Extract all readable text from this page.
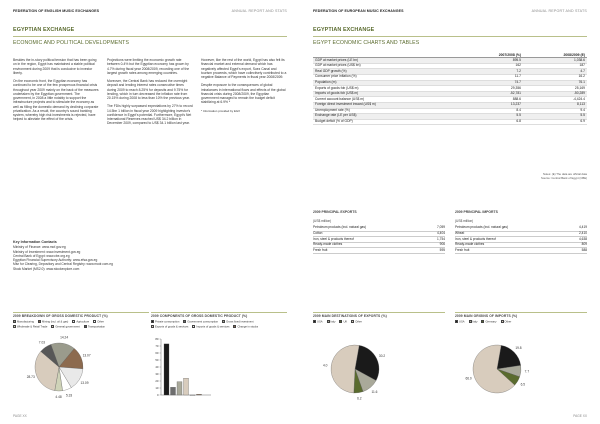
FEDERATION OF ENGLISH MUSIC EXCHANGES	ANNUAL REPORT AND STATS
EGYPTIAN EXCHANGE
ECONOMIC AND POLITICAL DEVELOPMENTS

Besides the in-story political tension that has been going on in the region, Egypt has maintained a stable political environment during 2009 that is conducive to investor liberty.

On the economic front, the Egyptian economy has continued to be one of the few prosperous financial crisis throughout year 2009 mainly on the back of the measures undertaken by the Egyptian government. The government, in 2008 a little notably to support the infrastructure projects and to stimulate the economy as well as filling the domestic demand by declining corporate privatization. As a result, the country's sound banking system, whereby high risk investments is rejected, have helped to alleviate the effect of the crisis.

Projections were limiting the economic growth rate between 0-4% but the Egyptian economy has grown by 4.7% during fiscal year 2008/2009, recording one of the largest growth rates among emerging countries.

Moreover, the Central Bank has reduced the overnight deposit and lending interest rates consecutive times during 2009 to reach 8.25% for deposits and 9.75% for lending, which in turn decreased the inflation rate from 20.15% during 2008 to less than 10% the previous year.

The FDIs highly surpassed expectations by 27% to record 14.5bn 1 billion in fiscal year 2009 highlighting investor's confidence in Egypt's potential. Furthermore, Egypt's Net International Reserves reached US$ 34.2 billion in December 2009, compared to US$ 34.1 billion last year.

However, like the rest of the world, Egypt has also felt its financial market and external demand which has negatively affected Egypt's export, Suez Canal and tourism proceeds, which have collectively contributed to a negative Balance of Payments in fiscal year 2008/2009.

Despite exposure to the consequences of global imbalances in international flows and effects of the global financial crisis during 2008/2009, the Egyptian government managed to remain the budget deficit stabilizing at 6.9% *

* Information provided by EGX

Key Information Contacts
Ministry of Finance: www.mof.gov.eg
Ministry of Investment: www.investment.gov.eg
Central Bank of Egypt: www.cbe.org.eg
Egyptian Financial Supervisory Authority: www.efsa.gov.eg
Misr for Clearing, Depository and Central Registry: www.mcdr.com.eg
Stock Market (MS2.0): www.stockexplore.com
2009 BREAKDOWN OF GROSS DOMESTIC PRODUCT (%)
Manufacturing	Mining (incl. oil & gas)	Agriculture	OtherWholesale & Retail Trade	General government	Transportation
14.24
13.07
13.09
5.33
4.48
28.73
7.03
2009 COMPONENTS OF GROSS DOMESTIC PRODUCT (%)
Private consumption	Government consumption	Gross fixed investmentExports of goods & services	Imports of goods & services	Change in stocks
0
10
20
30
40
50
60
70
80
PAGE XX
FEDERATION OF EUROPEAN MUSIC EXCHANGES	ANNUAL REPORT AND STATS
EGYPTIAN EXCHANGE
EGYPT ECONOMIC CHARTS AND TABLES
	2007/2008 (%)	2008/2009 (E)
GDP at market prices (LE bn)	895.5	1,038.6
GDP at market prices (US$ bn)	162	187
Real GDP growth (%)	7.2	4.7
Consumer price inflation (%)	11.7	16.2
Population (m)	74.7	76.1
Exports of goods fob (US$ m)	29,356	25,169
Imports of goods fob (US$ m)	-52,781	-50,289
Current account balance (US$ m)	888.6	-4,424.4
Foreign direct investment inward (US$ m)	13,237	8,113
Unemployment rate (%)	8.4	9.4
Exchange rate (LE per US$)	5.5	5.5
Budget deficit (% of GDP)	6.8	6.9
Notes: (E) The data are official data
Source: Central Bank of Egypt (CBE)
2009 PRINCIPAL EXPORTS
(US$ million)
Petroleum products (incl. natural gas)	7,059
Cotton	4,404
Iron, steel & products thereof	1,754
Ready-made clothes	906
Fresh fruit	595
2009 PRINCIPAL IMPORTS
(US$ million)
Petroleum products (incl. natural gas)	4,419
Wheat	2,410
Iron, steel & products thereof	4,638
Ready-made clothes	809
Fresh fruit	588
2009 MAIN DESTINATIONS OF EXPORTS (%)
USA	Italy	UK	Other
30.2
11.6
6.2
4.0
2009 MAIN ORIGINS OF IMPORTS (%)
USA	Italy	Germany	Other
19.8
7.7
6.5
66.0
PAGE XX
